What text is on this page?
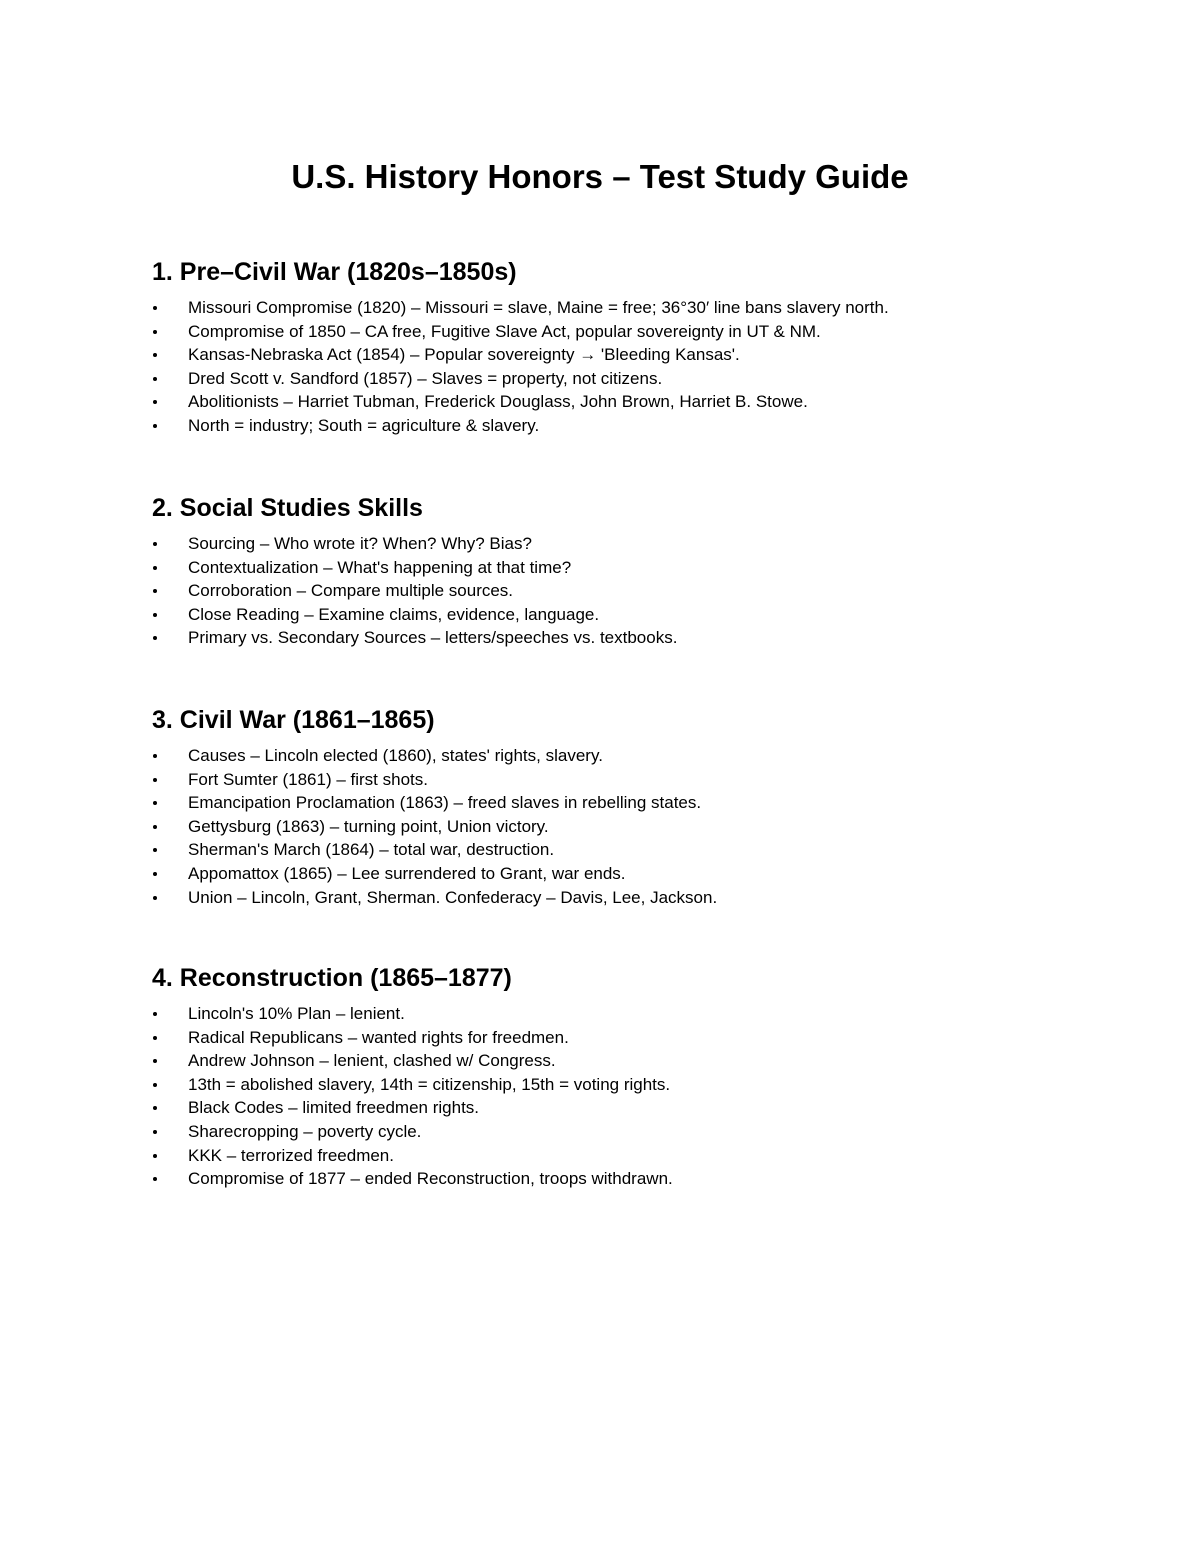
U.S. History Honors – Test Study Guide
1. Pre–Civil War (1820s–1850s)
Missouri Compromise (1820) – Missouri = slave, Maine = free; 36°30′ line bans slavery north.
Compromise of 1850 – CA free, Fugitive Slave Act, popular sovereignty in UT & NM.
Kansas-Nebraska Act (1854) – Popular sovereignty → 'Bleeding Kansas'.
Dred Scott v. Sandford (1857) – Slaves = property, not citizens.
Abolitionists – Harriet Tubman, Frederick Douglass, John Brown, Harriet B. Stowe.
North = industry; South = agriculture & slavery.
2. Social Studies Skills
Sourcing – Who wrote it? When? Why? Bias?
Contextualization – What's happening at that time?
Corroboration – Compare multiple sources.
Close Reading – Examine claims, evidence, language.
Primary vs. Secondary Sources – letters/speeches vs. textbooks.
3. Civil War (1861–1865)
Causes – Lincoln elected (1860), states' rights, slavery.
Fort Sumter (1861) – first shots.
Emancipation Proclamation (1863) – freed slaves in rebelling states.
Gettysburg (1863) – turning point, Union victory.
Sherman's March (1864) – total war, destruction.
Appomattox (1865) – Lee surrendered to Grant, war ends.
Union – Lincoln, Grant, Sherman. Confederacy – Davis, Lee, Jackson.
4. Reconstruction (1865–1877)
Lincoln's 10% Plan – lenient.
Radical Republicans – wanted rights for freedmen.
Andrew Johnson – lenient, clashed w/ Congress.
13th = abolished slavery, 14th = citizenship, 15th = voting rights.
Black Codes – limited freedmen rights.
Sharecropping – poverty cycle.
KKK – terrorized freedmen.
Compromise of 1877 – ended Reconstruction, troops withdrawn.
